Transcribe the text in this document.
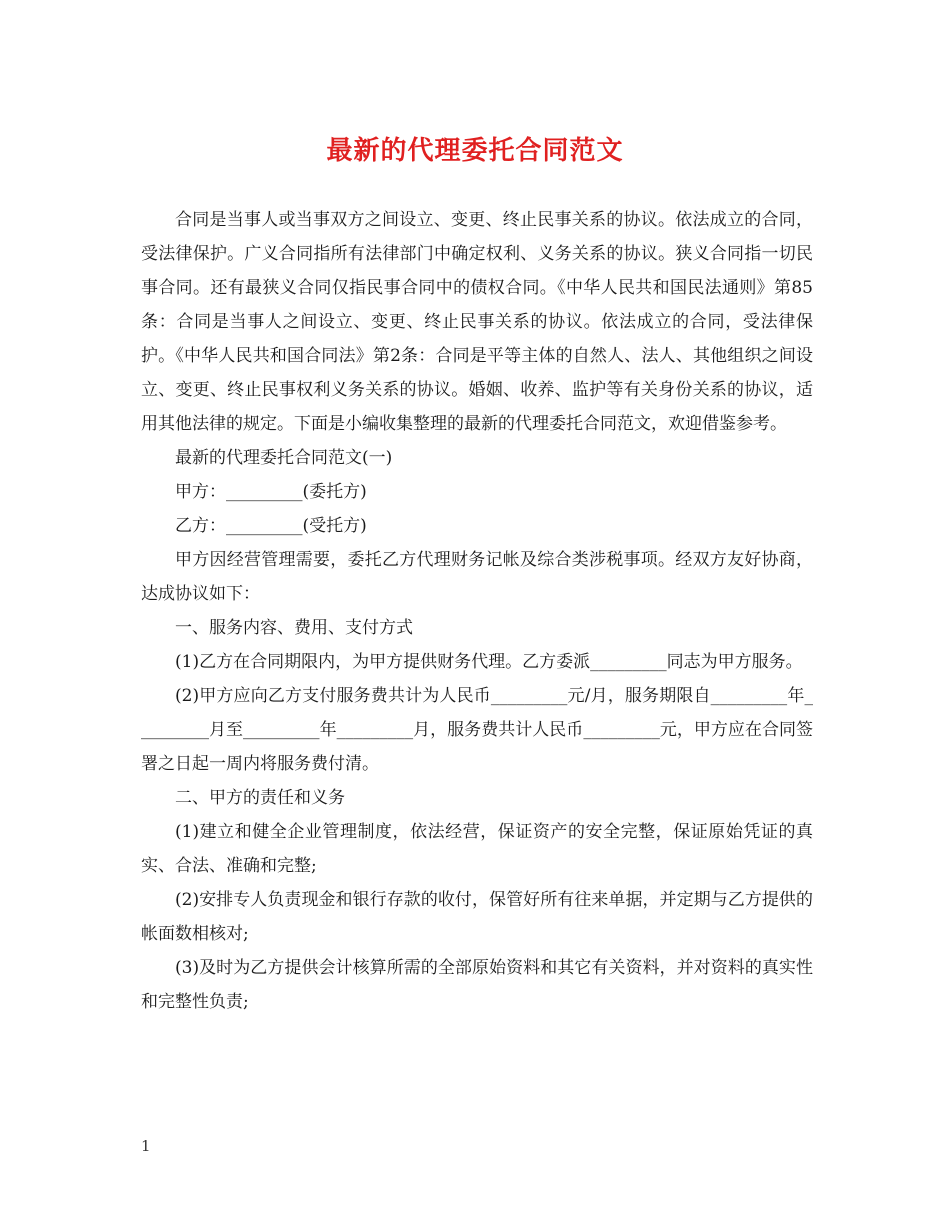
最新的代理委托合同范文

合同是当事人或当事双方之间设立、变更、终止民事关系的协议。依法成立的合同，受法律保护。广义合同指所有法律部门中确定权利、义务关系的协议。狭义合同指一切民事合同。还有最狭义合同仅指民事合同中的债权合同。《中华人民共和国民法通则》第85条：合同是当事人之间设立、变更、终止民事关系的协议。依法成立的合同，受法律保护。《中华人民共和国合同法》第2条：合同是平等主体的自然人、法人、其他组织之间设立、变更、终止民事权利义务关系的协议。婚姻、收养、监护等有关身份关系的协议，适用其他法律的规定。下面是小编收集整理的最新的代理委托合同范文，欢迎借鉴参考。

最新的代理委托合同范文(一)

甲方：_________(委托方)

乙方：_________(受托方)

甲方因经营管理需要，委托乙方代理财务记帐及综合类涉税事项。经双方友好协商，达成协议如下：

一、服务内容、费用、支付方式

(1)乙方在合同期限内，为甲方提供财务代理。乙方委派_________同志为甲方服务。

(2)甲方应向乙方支付服务费共计为人民币_________元/月，服务期限自_________年_________月至_________年_________月，服务费共计人民币_________元，甲方应在合同签署之日起一周内将服务费付清。

二、甲方的责任和义务

(1)建立和健全企业管理制度，依法经营，保证资产的安全完整，保证原始凭证的真实、合法、准确和完整;

(2)安排专人负责现金和银行存款的收付，保管好所有往来单据，并定期与乙方提供的帐面数相核对;

(3)及时为乙方提供会计核算所需的全部原始资料和其它有关资料，并对资料的真实性和完整性负责;

1
